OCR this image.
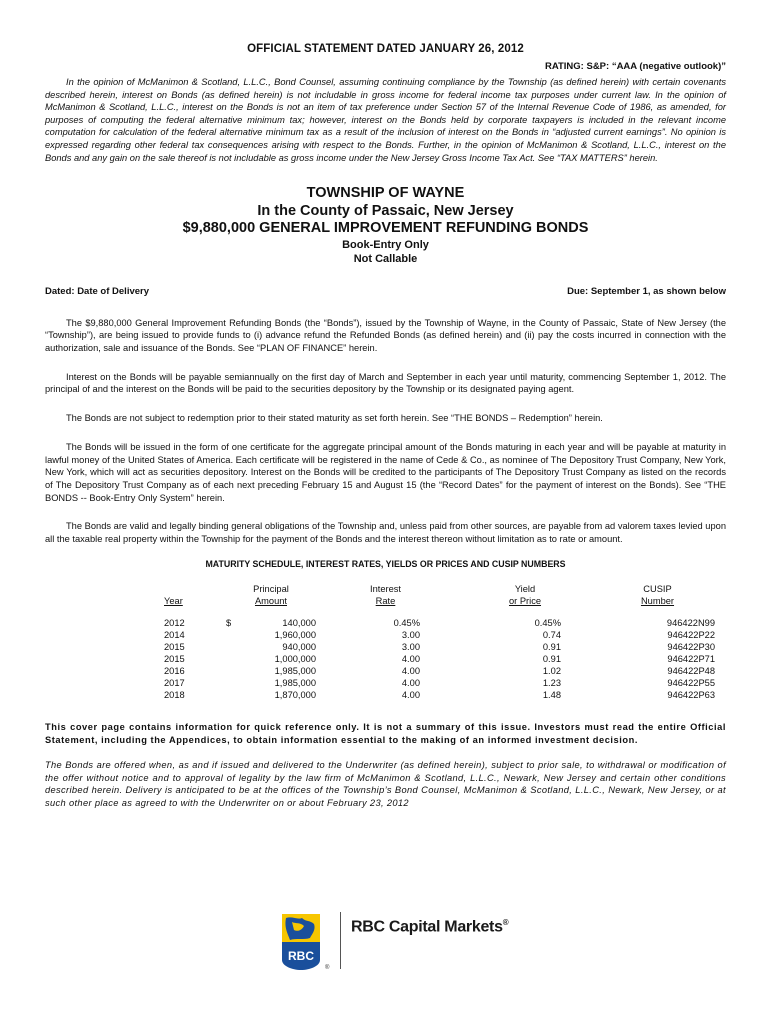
OFFICIAL STATEMENT DATED JANUARY 26, 2012
RATING: S&P: “AAA (negative outlook)”
In the opinion of McManimon & Scotland, L.L.C., Bond Counsel, assuming continuing compliance by the Township (as defined herein) with certain covenants described herein, interest on Bonds (as defined herein) is not includable in gross income for federal income tax purposes under current law. In the opinion of McManimon & Scotland, L.L.C., interest on the Bonds is not an item of tax preference under Section 57 of the Internal Revenue Code of 1986, as amended, for purposes of computing the federal alternative minimum tax; however, interest on the Bonds held by corporate taxpayers is included in the relevant income computation for calculation of the federal alternative minimum tax as a result of the inclusion of interest on the Bonds in “adjusted current earnings”. No opinion is expressed regarding other federal tax consequences arising with respect to the Bonds. Further, in the opinion of McManimon & Scotland, L.L.C., interest on the Bonds and any gain on the sale thereof is not includable as gross income under the New Jersey Gross Income Tax Act. See “TAX MATTERS” herein.
TOWNSHIP OF WAYNE
In the County of Passaic, New Jersey
$9,880,000 GENERAL IMPROVEMENT REFUNDING BONDS
Book-Entry Only
Not Callable
Dated: Date of Delivery	Due: September 1, as shown below
The $9,880,000 General Improvement Refunding Bonds (the “Bonds”), issued by the Township of Wayne, in the County of Passaic, State of New Jersey (the “Township”), are being issued to provide funds to (i) advance refund the Refunded Bonds (as defined herein) and (ii) pay the costs incurred in connection with the authorization, sale and issuance of the Bonds. See “PLAN OF FINANCE” herein.
Interest on the Bonds will be payable semiannually on the first day of March and September in each year until maturity, commencing September 1, 2012. The principal of and the interest on the Bonds will be paid to the securities depository by the Township or its designated paying agent.
The Bonds are not subject to redemption prior to their stated maturity as set forth herein. See “THE BONDS – Redemption” herein.
The Bonds will be issued in the form of one certificate for the aggregate principal amount of the Bonds maturing in each year and will be payable at maturity in lawful money of the United States of America. Each certificate will be registered in the name of Cede & Co., as nominee of The Depository Trust Company, New York, New York, which will act as securities depository. Interest on the Bonds will be credited to the participants of The Depository Trust Company as listed on the records of The Depository Trust Company as of each next preceding February 15 and August 15 (the “Record Dates” for the payment of interest on the Bonds). See “THE BONDS -- Book-Entry Only System” herein.
The Bonds are valid and legally binding general obligations of the Township and, unless paid from other sources, are payable from ad valorem taxes levied upon all the taxable real property within the Township for the payment of the Bonds and the interest thereon without limitation as to rate or amount.
MATURITY SCHEDULE, INTEREST RATES, YIELDS OR PRICES AND CUSIP NUMBERS
	Principal	Interest	Yield	CUSIP
Year	Amount	Rate	or Price	Number

2012	$ 140,000	0.45%	0.45%	946422N99
2014	1,960,000	3.00	0.74	946422P22
2015	940,000	3.00	0.91	946422P30
2015	1,000,000	4.00	0.91	946422P71
2016	1,985,000	4.00	1.02	946422P48
2017	1,985,000	4.00	1.23	946422P55
2018	1,870,000	4.00	1.48	946422P63
This cover page contains information for quick reference only. It is not a summary of this issue. Investors must read the entire Official Statement, including the Appendices, to obtain information essential to the making of an informed investment decision.
The Bonds are offered when, as and if issued and delivered to the Underwriter (as defined herein), subject to prior sale, to withdrawal or modification of the offer without notice and to approval of legality by the law firm of McManimon & Scotland, L.L.C., Newark, New Jersey and certain other conditions described herein. Delivery is anticipated to be at the offices of the Township’s Bond Counsel, McManimon & Scotland, L.L.C., Newark, New Jersey, or at such other place as agreed to with the Underwriter on or about February 23, 2012
RBC
®
RBC Capital Markets®
